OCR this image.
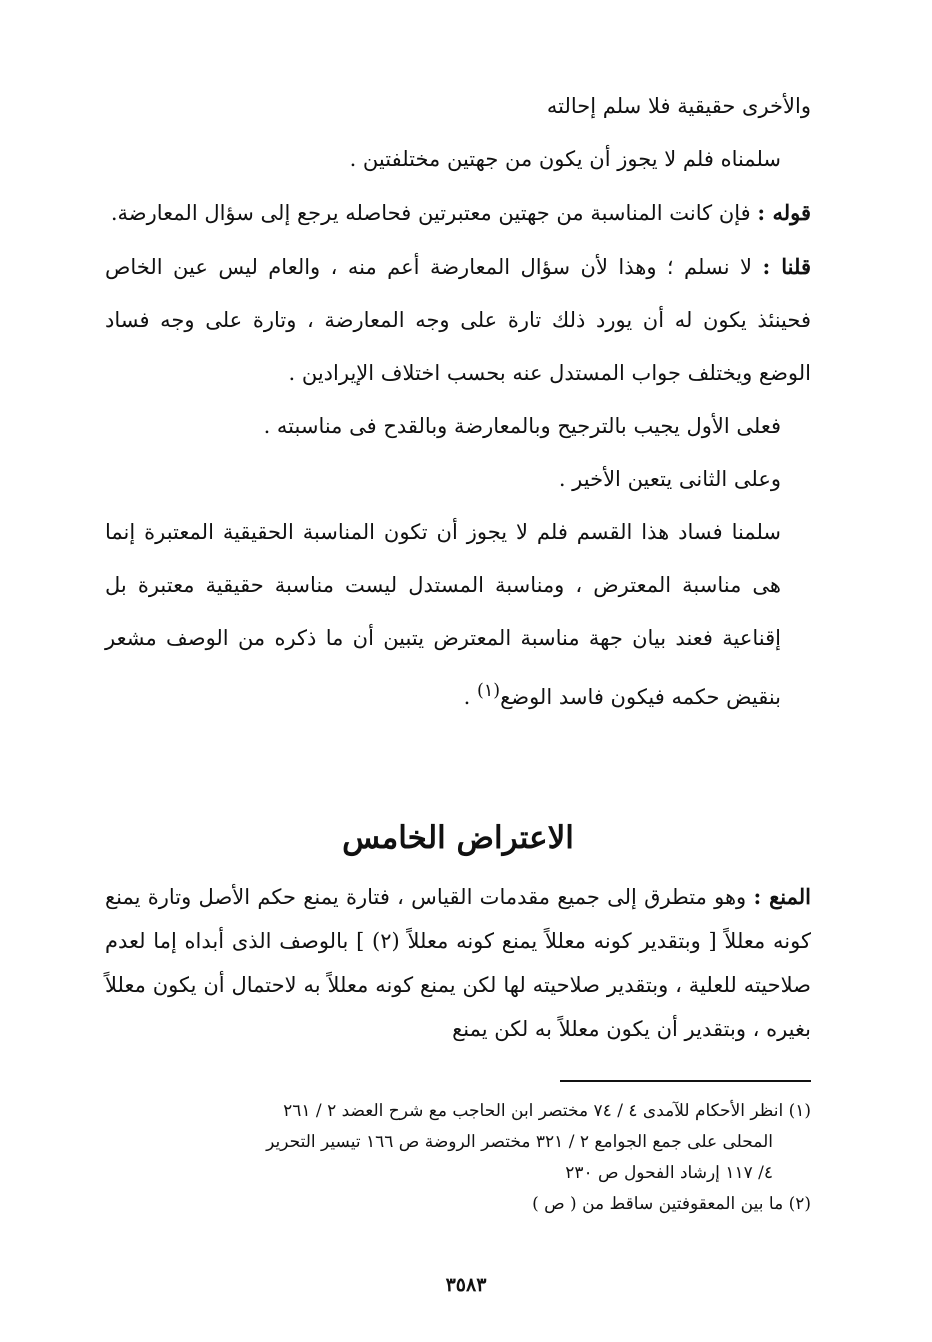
والأخرى حقيقية فلا سلم إحالته

سلمناه فلم لا يجوز أن يكون من جهتين مختلفتين .

قوله : فإن كانت المناسبة من جهتين معتبرتين فحاصله يرجع إلى سؤال المعارضة.

قلنا : لا نسلم ؛ وهذا لأن سؤال المعارضة أعم منه ، والعام ليس عين الخاص فحينئذ يكون له أن يورد ذلك تارة على وجه المعارضة ، وتارة على وجه فساد الوضع ويختلف جواب المستدل عنه بحسب اختلاف الإيرادين .

فعلى الأول يجيب بالترجيح وبالمعارضة وبالقدح فى مناسبته .

وعلى الثانى يتعين الأخير .

سلمنا فساد هذا القسم فلم لا يجوز أن تكون المناسبة الحقيقية المعتبرة إنما هى مناسبة المعترض ، ومناسبة المستدل ليست مناسبة حقيقية معتبرة بل إقناعية فعند بيان جهة مناسبة المعترض يتبين أن ما ذكره من الوصف مشعر بنقيض حكمه فيكون فاسد الوضع$^{(١)}$ .

الاعتراض الخامس

المنع : وهو متطرق إلى جميع مقدمات القياس ، فتارة يمنع حكم الأصل وتارة يمنع كونه معللاً [ وبتقدير كونه معللاً يمنع كونه معللاً (٢) ] بالوصف الذى أبداه إما لعدم صلاحيته للعلية ، وبتقدير صلاحيته لها لكن يمنع كونه معللاً به لاحتمال أن يكون معللاً بغيره ، وبتقدير أن يكون معللاً به لكن يمنع

(١) انظر الأحكام للآمدى ٤ / ٧٤ مختصر ابن الحاجب مع شرح العضد ٢ / ٢٦١

المحلى على جمع الجوامع ٢ / ٣٢١ مختصر الروضة ص ١٦٦ تيسير التحرير

٤/ ١١٧ إرشاد الفحول ص ٢٣٠

(٢) ما بين المعقوفتين ساقط من ( ص )

٣٥٨٣
